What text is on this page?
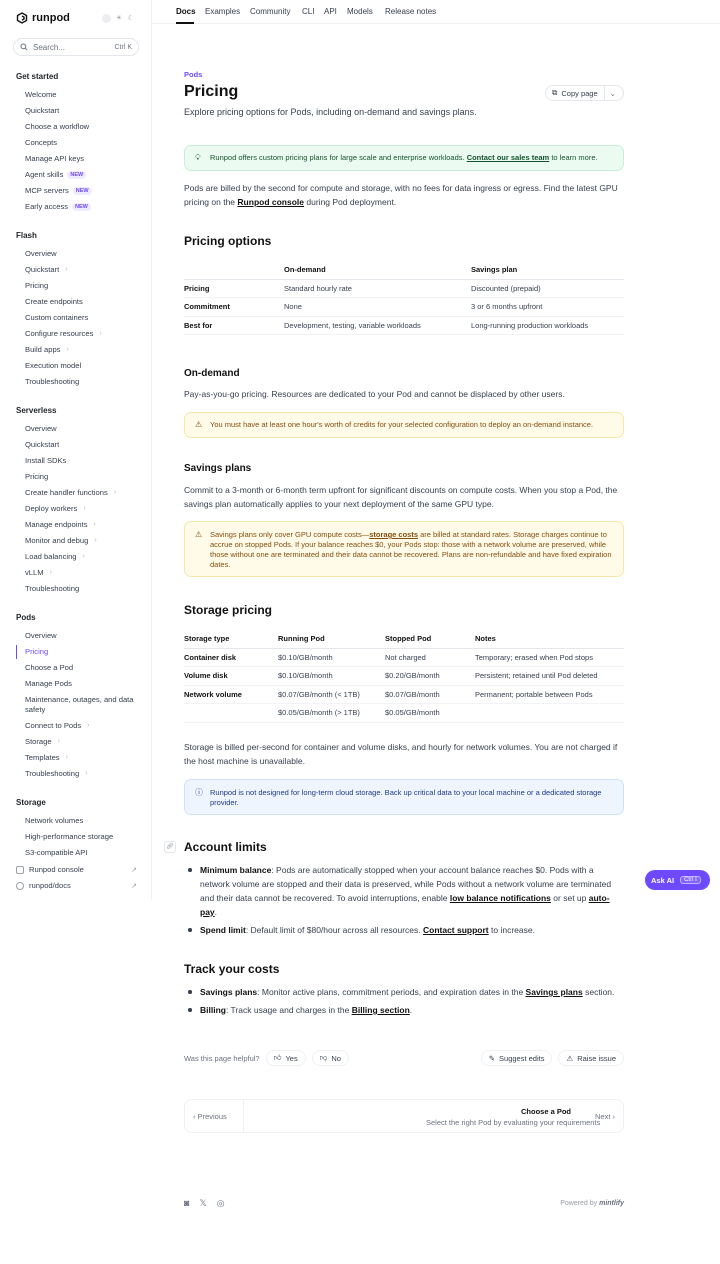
runpod	☀ ☾
Search...	Ctrl K
Get started
Welcome
Quickstart
Choose a workflow
Concepts
Manage API keys
Agent skills	NEW
MCP servers	NEW
Early access	NEW
Flash
Overview
Quickstart ›
Pricing
Create endpoints
Custom containers
Configure resources ›
Build apps ›
Execution model
Troubleshooting
Serverless
Overview
Quickstart
Install SDKs
Pricing
Create handler functions ›
Deploy workers ›
Manage endpoints ›
Monitor and debug ›
Load balancing ›
vLLM ›
Troubleshooting
Pods
Overview
Pricing
Choose a Pod
Manage Pods
Maintenance, outages, and data safety
Connect to Pods ›
Storage ›
Templates ›
Troubleshooting ›
Storage
Network volumes
High-performance storage
S3-compatible API
Runpod console	↗
runpod/docs	↗
Docs Examples Community CLI API Models Release notes
Pods
Pricing

Explore pricing options for Pods, including on-demand and savings plans.

⧉ Copy page	⌄
💡︎	Runpod offers custom pricing plans for large scale and enterprise workloads. Contact our sales team to learn more.

Pods are billed by the second for compute and storage, with no fees for data ingress or egress. Find the latest GPU pricing on the Runpod console during Pod deployment.

Pricing options
	On-demand	Savings plan
Pricing	Standard hourly rate	Discounted (prepaid)
Commitment	None	3 or 6 months upfront
Best for	Development, testing, variable workloads	Long-running production workloads
On-demand

Pay-as-you-go pricing. Resources are dedicated to your Pod and cannot be displaced by other users.

⚠ You must have at least one hour's worth of credits for your selected configuration to deploy an on-demand instance.
Savings plans

Commit to a 3-month or 6-month term upfront for significant discounts on compute costs. When you stop a Pod, the savings plan automatically applies to your next deployment of the same GPU type.

⚠ Savings plans only cover GPU compute costs—storage costs are billed at standard rates. Storage charges continue to accrue on stopped Pods. If your balance reaches $0, your Pods stop: those with a network volume are preserved, while those without one are terminated and their data cannot be recovered. Plans are non-refundable and have fixed expiration dates.
Storage pricing
Storage type	Running Pod	Stopped Pod	Notes
Container disk	$0.10/GB/month	Not charged	Temporary; erased when Pod stops
Volume disk	$0.10/GB/month	$0.20/GB/month	Persistent; retained until Pod deleted
Network volume	$0.07/GB/month (< 1TB)	$0.07/GB/month	Permanent; portable between Pods
	$0.05/GB/month (> 1TB)	$0.05/GB/month	

Storage is billed per-second for container and volume disks, and hourly for network volumes. You are not charged if the host machine is unavailable.

ⓘ Runpod is not designed for long-term cloud storage. Back up critical data to your local machine or a dedicated storage provider.
🔗︎ Account limits
Minimum balance: Pods are automatically stopped when your account balance reaches $0. Pods with a network volume are stopped and their data is preserved, while Pods without a network volume are terminated and their data cannot be recovered. To avoid interruptions, enable low balance notifications or set up auto-pay.
Spend limit: Default limit of $80/hour across all resources. Contact support to increase.
Track your costs
Savings plans: Monitor active plans, commitment periods, and expiration dates in the Savings plans section.
Billing: Track usage and charges in the Billing section.
Was this page helpful? 👍︎ Yes	👎︎ No	✎ Suggest edits	⚠ Raise issue
‹ Previous
Choose a Pod
Select the right Pod by evaluating your requirements
Next ›
◙ 𝕏 ◎	Powered by mintlify
Ask AI	Ctrl I
